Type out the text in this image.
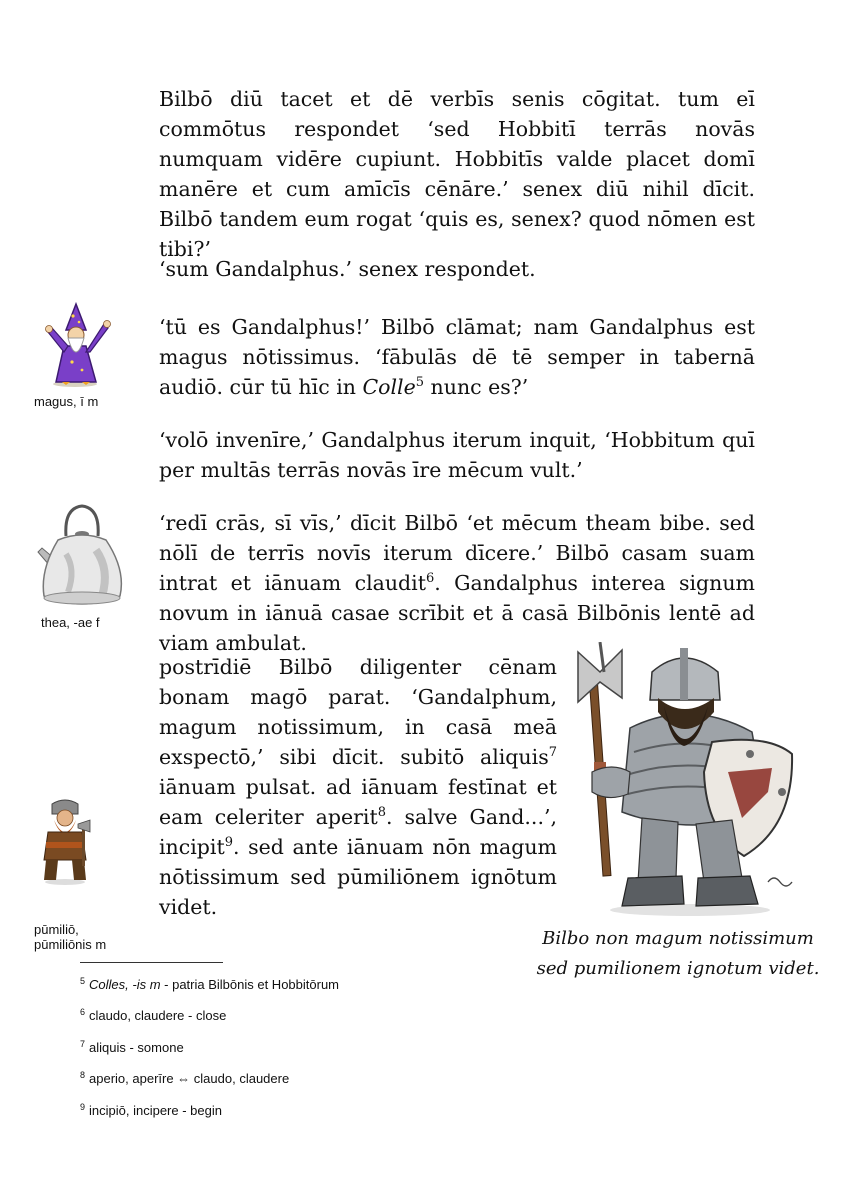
Bilbō diū tacet et dē verbīs senis cōgitat. tum eī commōtus respondet ‘sed Hobbitī terrās novās numquam vidēre cupiunt. Hobbitīs valde placet domī manēre et cum amīcīs cēnāre.’ senex diū nihil dīcit. Bilbō tandem eum rogat ‘quis es, senex? quod nōmen est tibi?’

‘sum Gandalphus.’ senex respondet.

‘tū es Gandalphus!’ Bilbō clāmat; nam Gandalphus est magus nōtissimus. ‘fābulās dē tē semper in tabernā audiō. cūr tū hīc in Colle$^5$ nunc es?’

‘volō invenīre,’ Gandalphus iterum inquit, ‘Hobbitum quī per multās terrās novās īre mēcum vult.’

‘redī crās, sī vīs,’ dīcit Bilbō ‘et mēcum theam bibe. sed nōlī de terrīs novīs iterum dīcere.’ Bilbō casam suam intrat et iānuam claudit$^6$. Gandalphus interea signum novum in iānuā casae scrībit et ā casā Bilbōnis lentē ad viam ambulat.

postrīdiē Bilbō diligenter cēnam bonam magō parat. ‘Gandalphum, magum notissimum, in casā meā exspectō,’ sibi dīcit. subitō aliquis$^7$ iānuam pulsat. ad iānuam festīnat et eam celeriter aperit$^8$. salve Gand...’, incipit$^9$. sed ante iānuam nōn magum nōtissimum sed pūmiliōnem ignōtum videt.

magus, ī m
thea, -ae f
pūmiliō,
pūmiliōnis m	Bilbo non magum notissimum sed pumilionem ignotum videt.
$^5$ Colles, -is m - patria Bilbōnis et Hobbitōrum
$^6$ claudo, claudere - close
$^7$ aliquis - somone
$^8$ aperio, aperīre ⇔ claudo, claudere
$^9$ incipiō, incipere - begin
